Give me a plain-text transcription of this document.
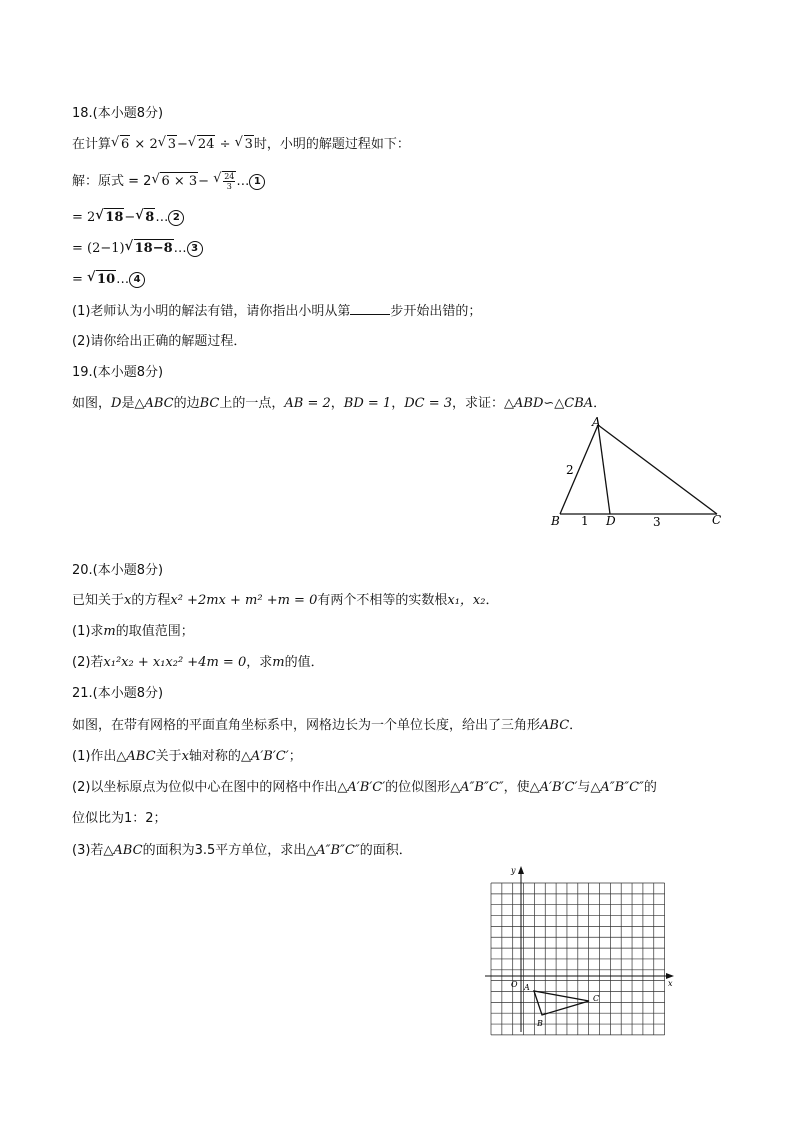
18.(本小题8分)
在计算 √ 6 × 2 √ 3− √ 24 ÷ √ 3时，小明的解题过程如下：
解：原式 = 2 √ 6 × 3− √ $\frac{24}{3}$ … 1
= 2 √ 18− √ 8… 2
= (2−1) √ 18−8… 3
= √ 10… 4
(1)老师认为小明的解法有错，请你指出小明从第	步开始出错的；
(2)请你给出正确的解题过程．
19.(本小题8分)
如图，D是△ABC的边BC上的一点，AB = 2，BD = 1，DC = 3，求证：△ABD∽△CBA．
A
B	D	C
2
1	3
20.(本小题8分)
已知关于x的方程x² +2mx + m² +m = 0有两个不相等的实数根x₁，x₂．
(1)求m的取值范围；
(2)若x₁²x₂ + x₁x₂² +4m = 0，求m的值．
21.(本小题8分)
如图，在带有网格的平面直角坐标系中，网格边长为一个单位长度，给出了三角形ABC．
(1)作出△ABC关于x轴对称的△A′B′C′；
(2)以坐标原点为位似中心在图中的网格中作出△A′B′C′的位似图形△A″B″C″，使△A′B′C′与△A″B″C″的
位似比为1：2；
(3)若△ABC的面积为3.5平方单位，求出△A″B″C″的面积．
y
x
O A
B
C
